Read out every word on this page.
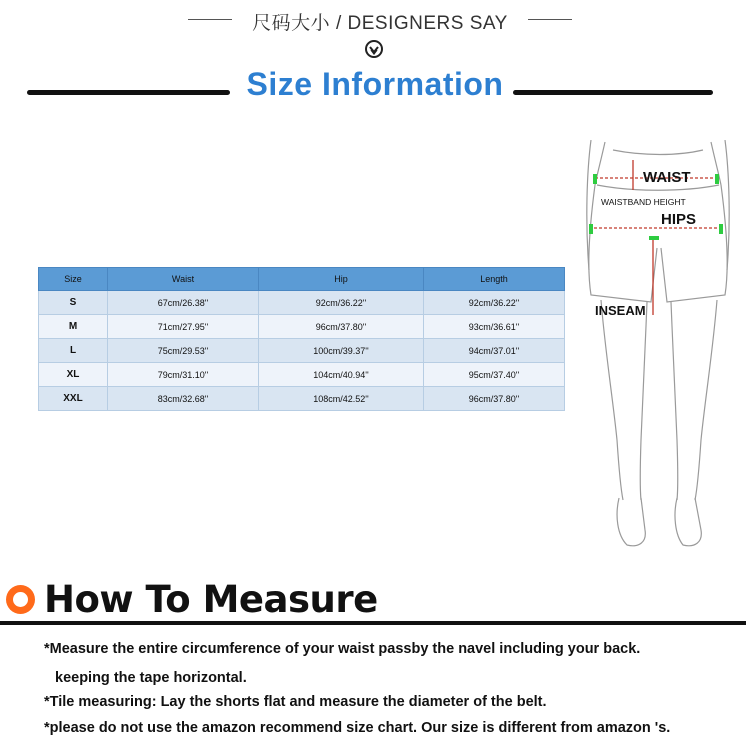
尺码大小 / DESIGNERS SAY
Size Information
Size	Waist	Hip	Length
S	67cm/26.38''	92cm/36.22''	92cm/36.22''
M	71cm/27.95''	96cm/37.80''	93cm/36.61''
L	75cm/29.53''	100cm/39.37''	94cm/37.01''
XL	79cm/31.10''	104cm/40.94''	95cm/37.40''
XXL	83cm/32.68''	108cm/42.52''	96cm/37.80''
WAIST
WAISTBAND HEIGHT
HIPS
INSEAM
How To Measure
*Measure the entire circumference of your waist passby the navel including your back.
keeping the tape horizontal.
*Tile measuring: Lay the shorts flat and measure the diameter of the belt.
*please do not use the amazon recommend size chart. Our size is different from amazon 's.
